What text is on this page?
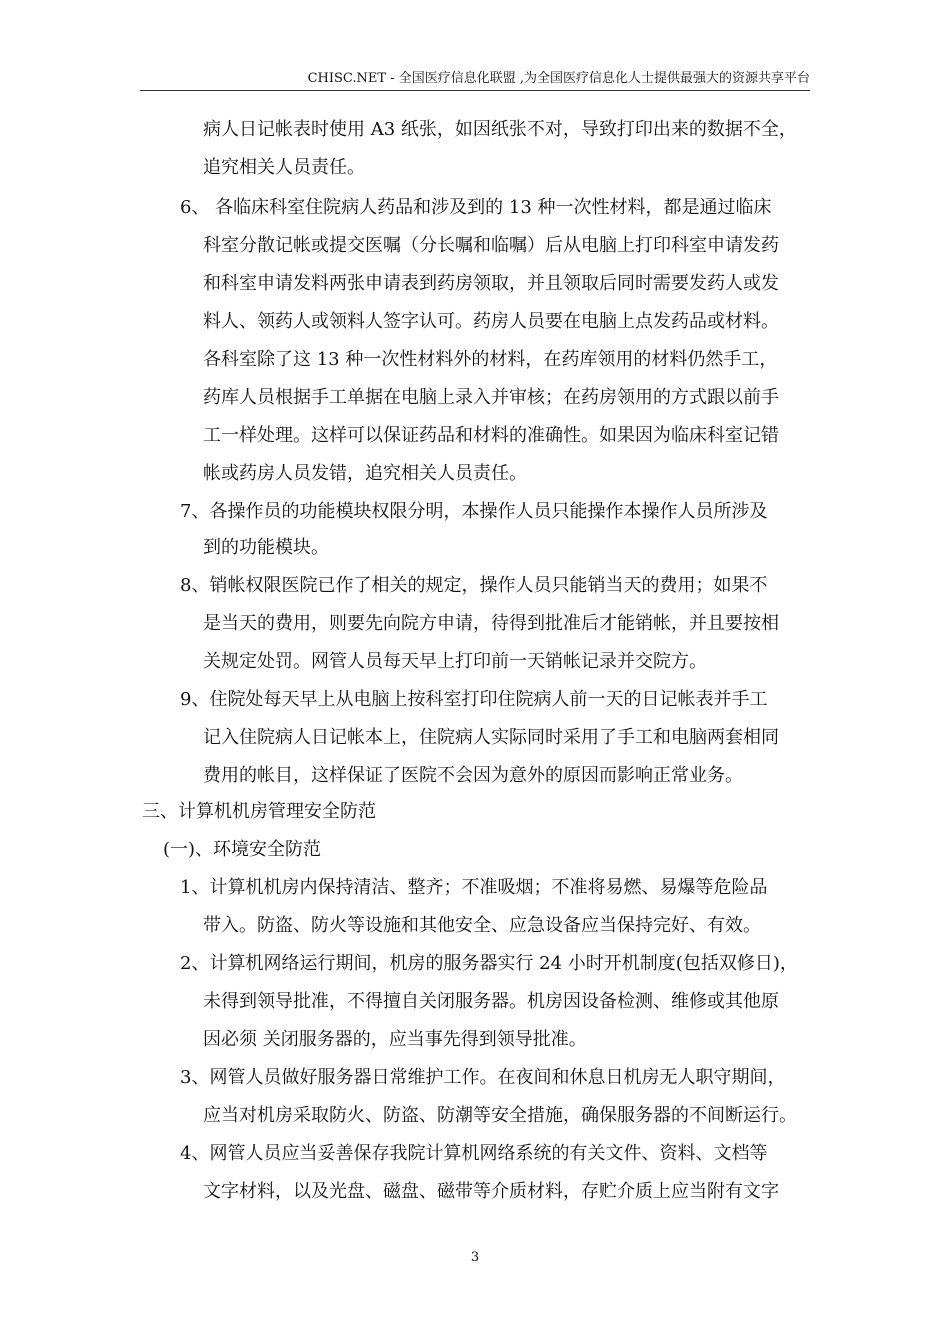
CHISC.NET - 全国医疗信息化联盟 ,为全国医疗信息化人士提供最强大的资源共享平台
病人日记帐表时使用 A3 纸张，如因纸张不对，导致打印出来的数据不全，
追究相关人员责任。
6、 各临床科室住院病人药品和涉及到的 13 种一次性材料，都是通过临床
科室分散记帐或提交医嘱（分长嘱和临嘱）后从电脑上打印科室申请发药
和科室申请发料两张申请表到药房领取，并且领取后同时需要发药人或发
料人、领药人或领料人签字认可。药房人员要在电脑上点发药品或材料。
各科室除了这 13 种一次性材料外的材料，在药库领用的材料仍然手工，
药库人员根据手工单据在电脑上录入并审核；在药房领用的方式跟以前手
工一样处理。这样可以保证药品和材料的准确性。如果因为临床科室记错
帐或药房人员发错，追究相关人员责任。
7、各操作员的功能模块权限分明，本操作人员只能操作本操作人员所涉及
到的功能模块。
8、销帐权限医院已作了相关的规定，操作人员只能销当天的费用；如果不
是当天的费用，则要先向院方申请，待得到批准后才能销帐，并且要按相
关规定处罚。网管人员每天早上打印前一天销帐记录并交院方。
9、住院处每天早上从电脑上按科室打印住院病人前一天的日记帐表并手工
记入住院病人日记帐本上，住院病人实际同时采用了手工和电脑两套相同
费用的帐目，这样保证了医院不会因为意外的原因而影响正常业务。
三、计算机机房管理安全防范
(一)、环境安全防范
1、计算机机房内保持清洁、整齐；不准吸烟；不准将易燃、易爆等危险品
带入。防盗、防火等设施和其他安全、应急设备应当保持完好、有效。
2、计算机网络运行期间，机房的服务器实行 24 小时开机制度(包括双修日)，
未得到领导批准，不得擅自关闭服务器。机房因设备检测、维修或其他原
因必须 关闭服务器的，应当事先得到领导批准。
3、网管人员做好服务器日常维护工作。在夜间和休息日机房无人职守期间，
应当对机房采取防火、防盗、防潮等安全措施，确保服务器的不间断运行。
4、网管人员应当妥善保存我院计算机网络系统的有关文件、资料、文档等
文字材料，以及光盘、磁盘、磁带等介质材料，存贮介质上应当附有文字
3
